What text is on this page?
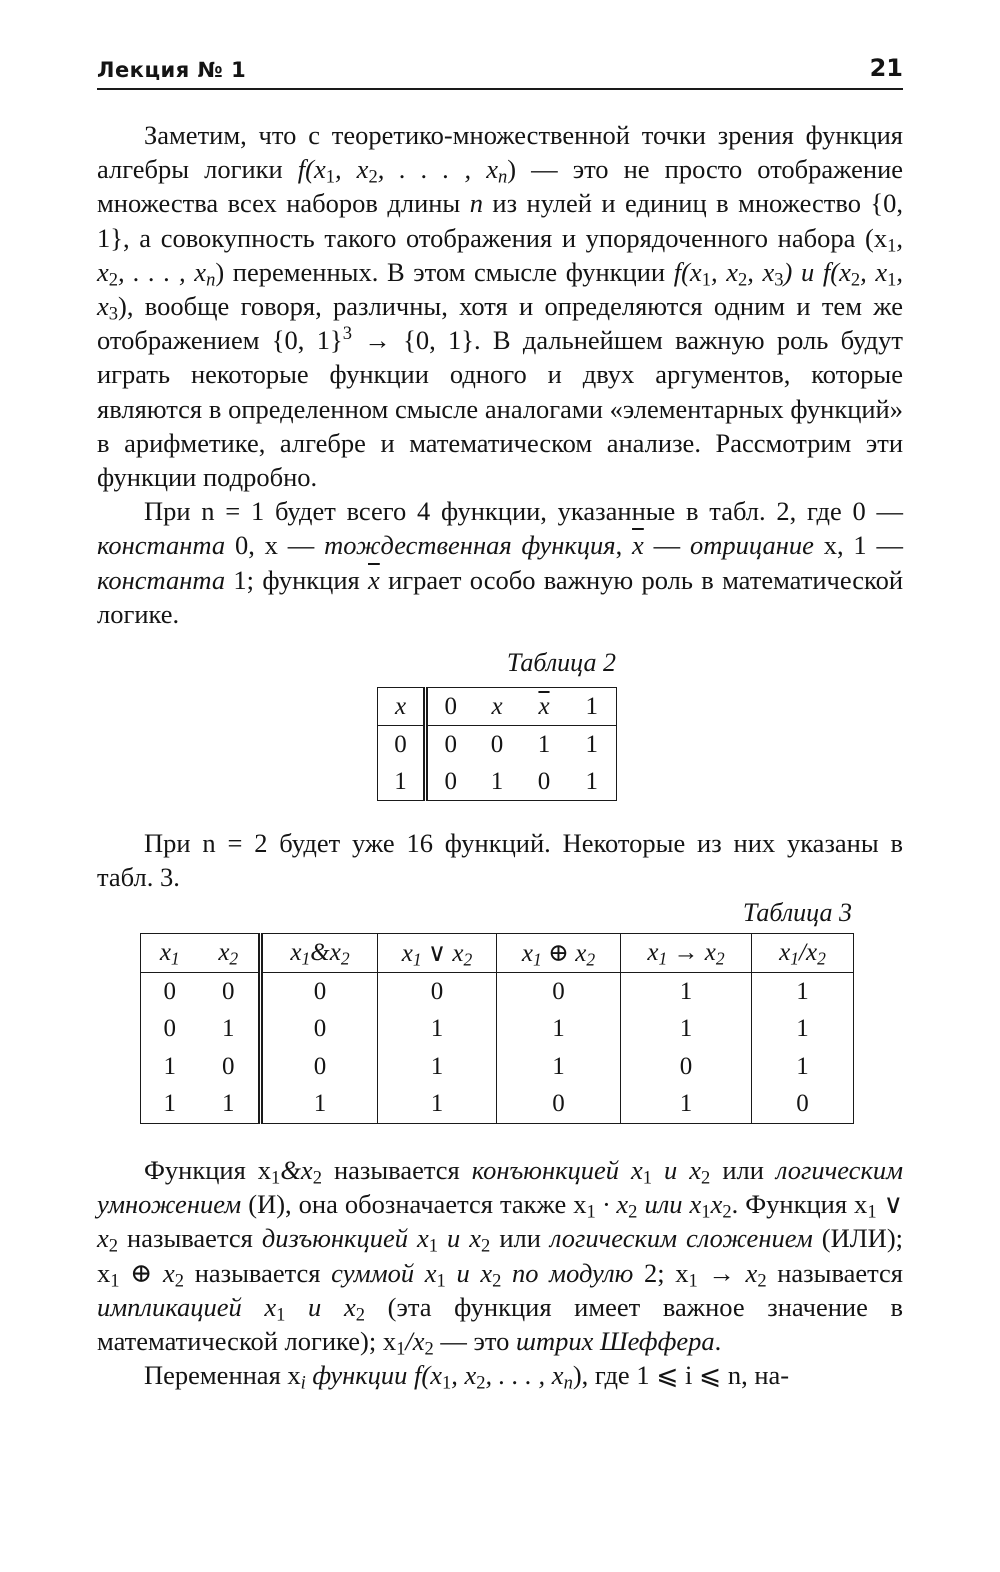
Лекция № 1	21

Заметим, что с теоретико-множественной точки зрения функция алгебры логики $f(x_1$, $x_2$, . . . , $x_n$) — это не просто отображение множества всех наборов длины n из нулей и единиц в множество {0, 1}, а совокупность такого отображения и упорядоченного набора ($x_1$, $x_2$, . . . , $x_n$) переменных. В этом смысле функции $f(x_1$, $x_2$, $x_3$) и $f(x_2$, $x_1$, $x_3$), вообще говоря, различны, хотя и определяются одним и тем же отображением {0, 1}$^3$ → {0, 1}. В дальнейшем важную роль будут играть некоторые функции одного и двух аргументов, которые являются в определенном смысле аналогами «элементарных функций» в арифметике, алгебре и математическом анализе. Рассмотрим эти функции подробно.

При n = 1 будет всего 4 функции, указанные в табл. 2, где 0 — константа 0, x — тождественная функция, $\overline{x}$ — отрицание x, 1 — константа 1; функция $\overline{x}$ играет особо важную роль в математической логике.

Таблица 2
x	0	x	$\overline{x}$	1
0	0	0	1	1
1	0	1	0	1

При n = 2 будет уже 16 функций. Некоторые из них указаны в табл. 3.

Таблица 3
$x_1$	$x_2$	$x_1\&x_2$	$x_1$ ∨ $x_2$	$x_1$ ⊕ $x_2$	$x_1 \to x_2$	$x_1/x_2$
0	0	0	0	0	1	1
0	1	0	1	1	1	1
1	0	0	1	1	0	1
1	1	1	1	0	1	0

Функция $x_1\&x_2$ называется конъюнкцией $x_1$ и $x_2$ или логическим умножением (И), она обозначается также $x_1 \cdot x_2$ или $x_1x_2$. Функция $x_1$ ∨ $x_2$ называется дизъюнкцией $x_1$ и $x_2$ или логическим сложением (ИЛИ); $x_1$ ⊕ $x_2$ называется суммой $x_1$ и $x_2$ по модулю 2; $x_1 \to x_2$ называется импликацией $x_1$ и $x_2$ (эта функция имеет важное значение в математической логике); $x_1/x_2$ — это штрих Шеффера.

Переменная $x_i$ функции $f(x_1$, $x_2$, . . . , $x_n$), где 1 ⩽ i ⩽ n, на-
